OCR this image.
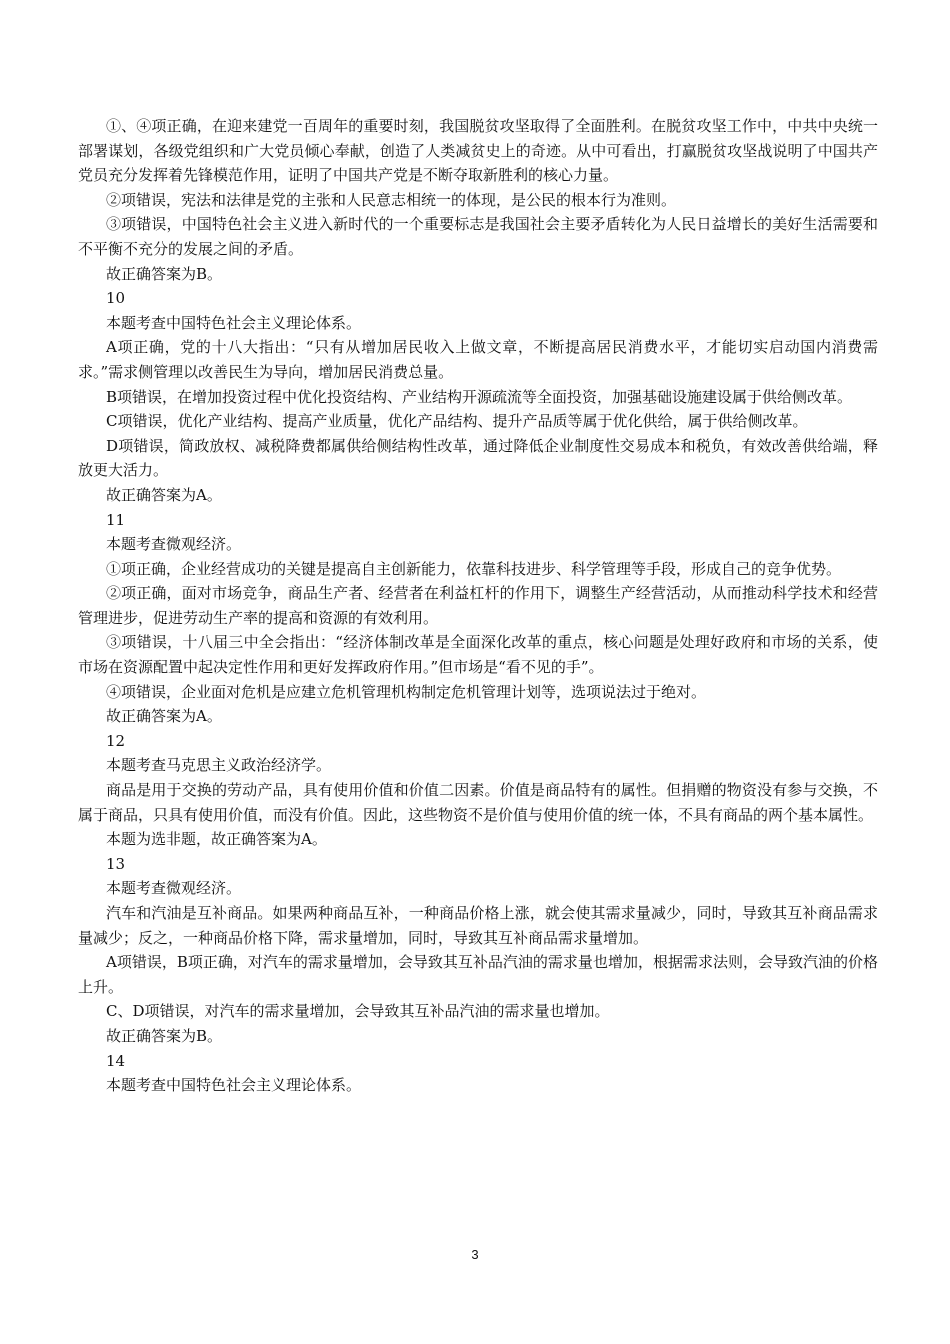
①、④项正确，在迎来建党一百周年的重要时刻，我国脱贫攻坚取得了全面胜利。在脱贫攻坚工作中，中共中央统一部署谋划，各级党组织和广大党员倾心奉献，创造了人类减贫史上的奇迹。从中可看出，打赢脱贫攻坚战说明了中国共产党员充分发挥着先锋模范作用，证明了中国共产党是不断夺取新胜利的核心力量。

②项错误，宪法和法律是党的主张和人民意志相统一的体现，是公民的根本行为准则。

③项错误，中国特色社会主义进入新时代的一个重要标志是我国社会主要矛盾转化为人民日益增长的美好生活需要和不平衡不充分的发展之间的矛盾。

故正确答案为B。

10

本题考查中国特色社会主义理论体系。

A项正确，党的十八大指出：“只有从增加居民收入上做文章，不断提高居民消费水平，才能切实启动国内消费需求。”需求侧管理以改善民生为导向，增加居民消费总量。

B项错误，在增加投资过程中优化投资结构、产业结构开源疏流等全面投资，加强基础设施建设属于供给侧改革。

C项错误，优化产业结构、提高产业质量，优化产品结构、提升产品质等属于优化供给，属于供给侧改革。

D项错误，简政放权、减税降费都属供给侧结构性改革，通过降低企业制度性交易成本和税负，有效改善供给端，释放更大活力。

故正确答案为A。

11

本题考查微观经济。

①项正确，企业经营成功的关键是提高自主创新能力，依靠科技进步、科学管理等手段，形成自己的竞争优势。

②项正确，面对市场竞争，商品生产者、经营者在利益杠杆的作用下，调整生产经营活动，从而推动科学技术和经营管理进步，促进劳动生产率的提高和资源的有效利用。

③项错误，十八届三中全会指出：“经济体制改革是全面深化改革的重点，核心问题是处理好政府和市场的关系，使市场在资源配置中起决定性作用和更好发挥政府作用。”但市场是“看不见的手”。

④项错误，企业面对危机是应建立危机管理机构制定危机管理计划等，选项说法过于绝对。

故正确答案为A。

12

本题考查马克思主义政治经济学。

商品是用于交换的劳动产品，具有使用价值和价值二因素。价值是商品特有的属性。但捐赠的物资没有参与交换，不属于商品，只具有使用价值，而没有价值。因此，这些物资不是价值与使用价值的统一体，不具有商品的两个基本属性。

本题为选非题，故正确答案为A。

13

本题考查微观经济。

汽车和汽油是互补商品。如果两种商品互补，一种商品价格上涨，就会使其需求量减少，同时，导致其互补商品需求量减少；反之，一种商品价格下降，需求量增加，同时，导致其互补商品需求量增加。

A项错误，B项正确，对汽车的需求量增加，会导致其互补品汽油的需求量也增加，根据需求法则，会导致汽油的价格上升。

C、D项错误，对汽车的需求量增加，会导致其互补品汽油的需求量也增加。

故正确答案为B。

14

本题考查中国特色社会主义理论体系。

3
